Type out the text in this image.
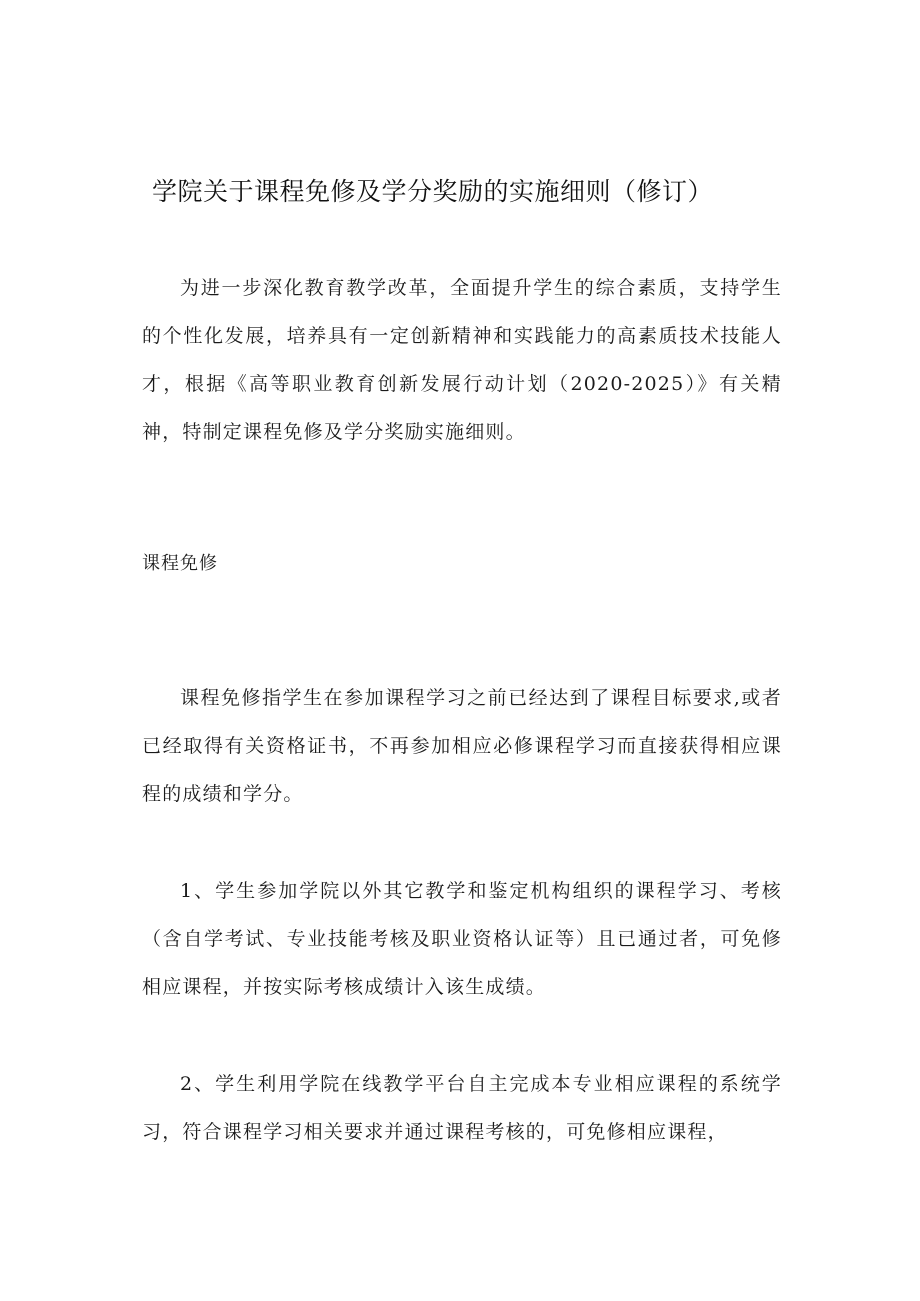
学院关于课程免修及学分奖励的实施细则（修订）

为进一步深化教育教学改革，全面提升学生的综合素质，支持学生的个性化发展，培养具有一定创新精神和实践能力的高素质技术技能人才，根据《高等职业教育创新发展行动计划（2020-2025）》有关精神，特制定课程免修及学分奖励实施细则。

课程免修

课程免修指学生在参加课程学习之前已经达到了课程目标要求,或者已经取得有关资格证书，不再参加相应必修课程学习而直接获得相应课程的成绩和学分。

1、学生参加学院以外其它教学和鉴定机构组织的课程学习、考核（含自学考试、专业技能考核及职业资格认证等）且已通过者，可免修相应课程，并按实际考核成绩计入该生成绩。

2、学生利用学院在线教学平台自主完成本专业相应课程的系统学习，符合课程学习相关要求并通过课程考核的，可免修相应课程，
